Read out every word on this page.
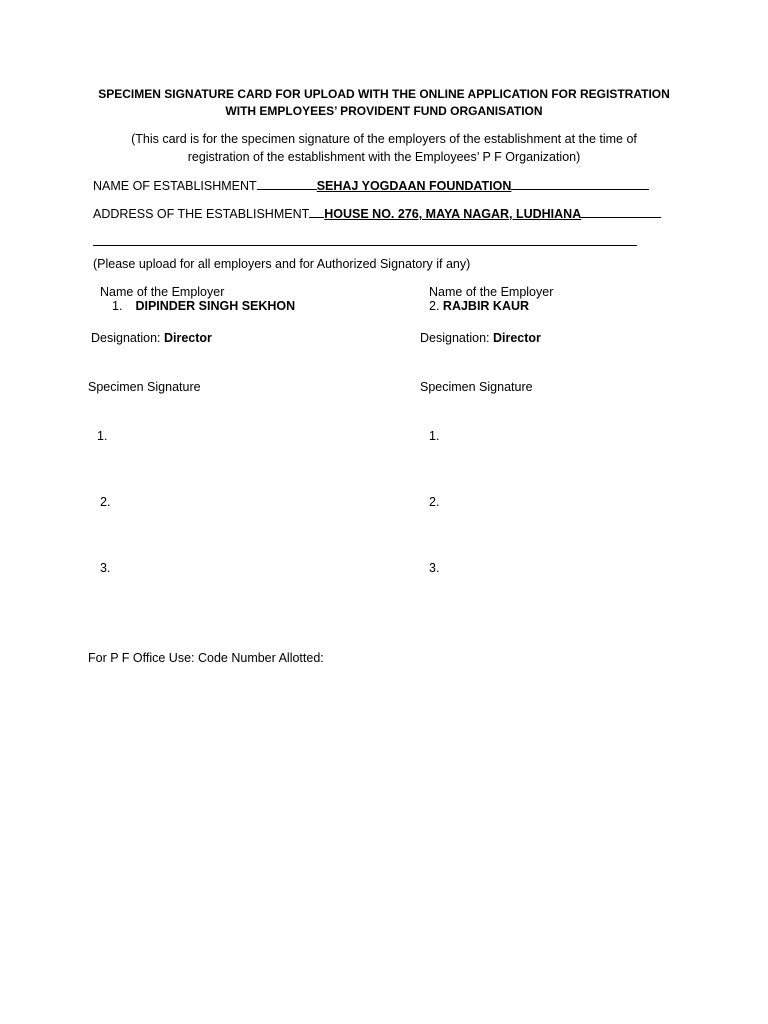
SPECIMEN SIGNATURE CARD FOR UPLOAD WITH THE ONLINE APPLICATION FOR REGISTRATION
WITH EMPLOYEES’ PROVIDENT FUND ORGANISATION
(This card is for the specimen signature of the employers of the establishment at the time of
registration of the establishment with the Employees’ P F Organization)
NAME OF ESTABLISHMENT	SEHAJ YOGDAAN FOUNDATION
ADDRESS OF THE ESTABLISHMENT HOUSE NO. 276, MAYA NAGAR, LUDHIANA
(Please upload for all employers and for Authorized Signatory if any)
Name of the Employer
1. DIPINDER SINGH SEKHON
Designation: Director
Specimen Signature
1.
2.
3.
Name of the Employer
2. RAJBIR KAUR
Designation: Director
Specimen Signature
1.
2.
3.
For P F Office Use: Code Number Allotted:
